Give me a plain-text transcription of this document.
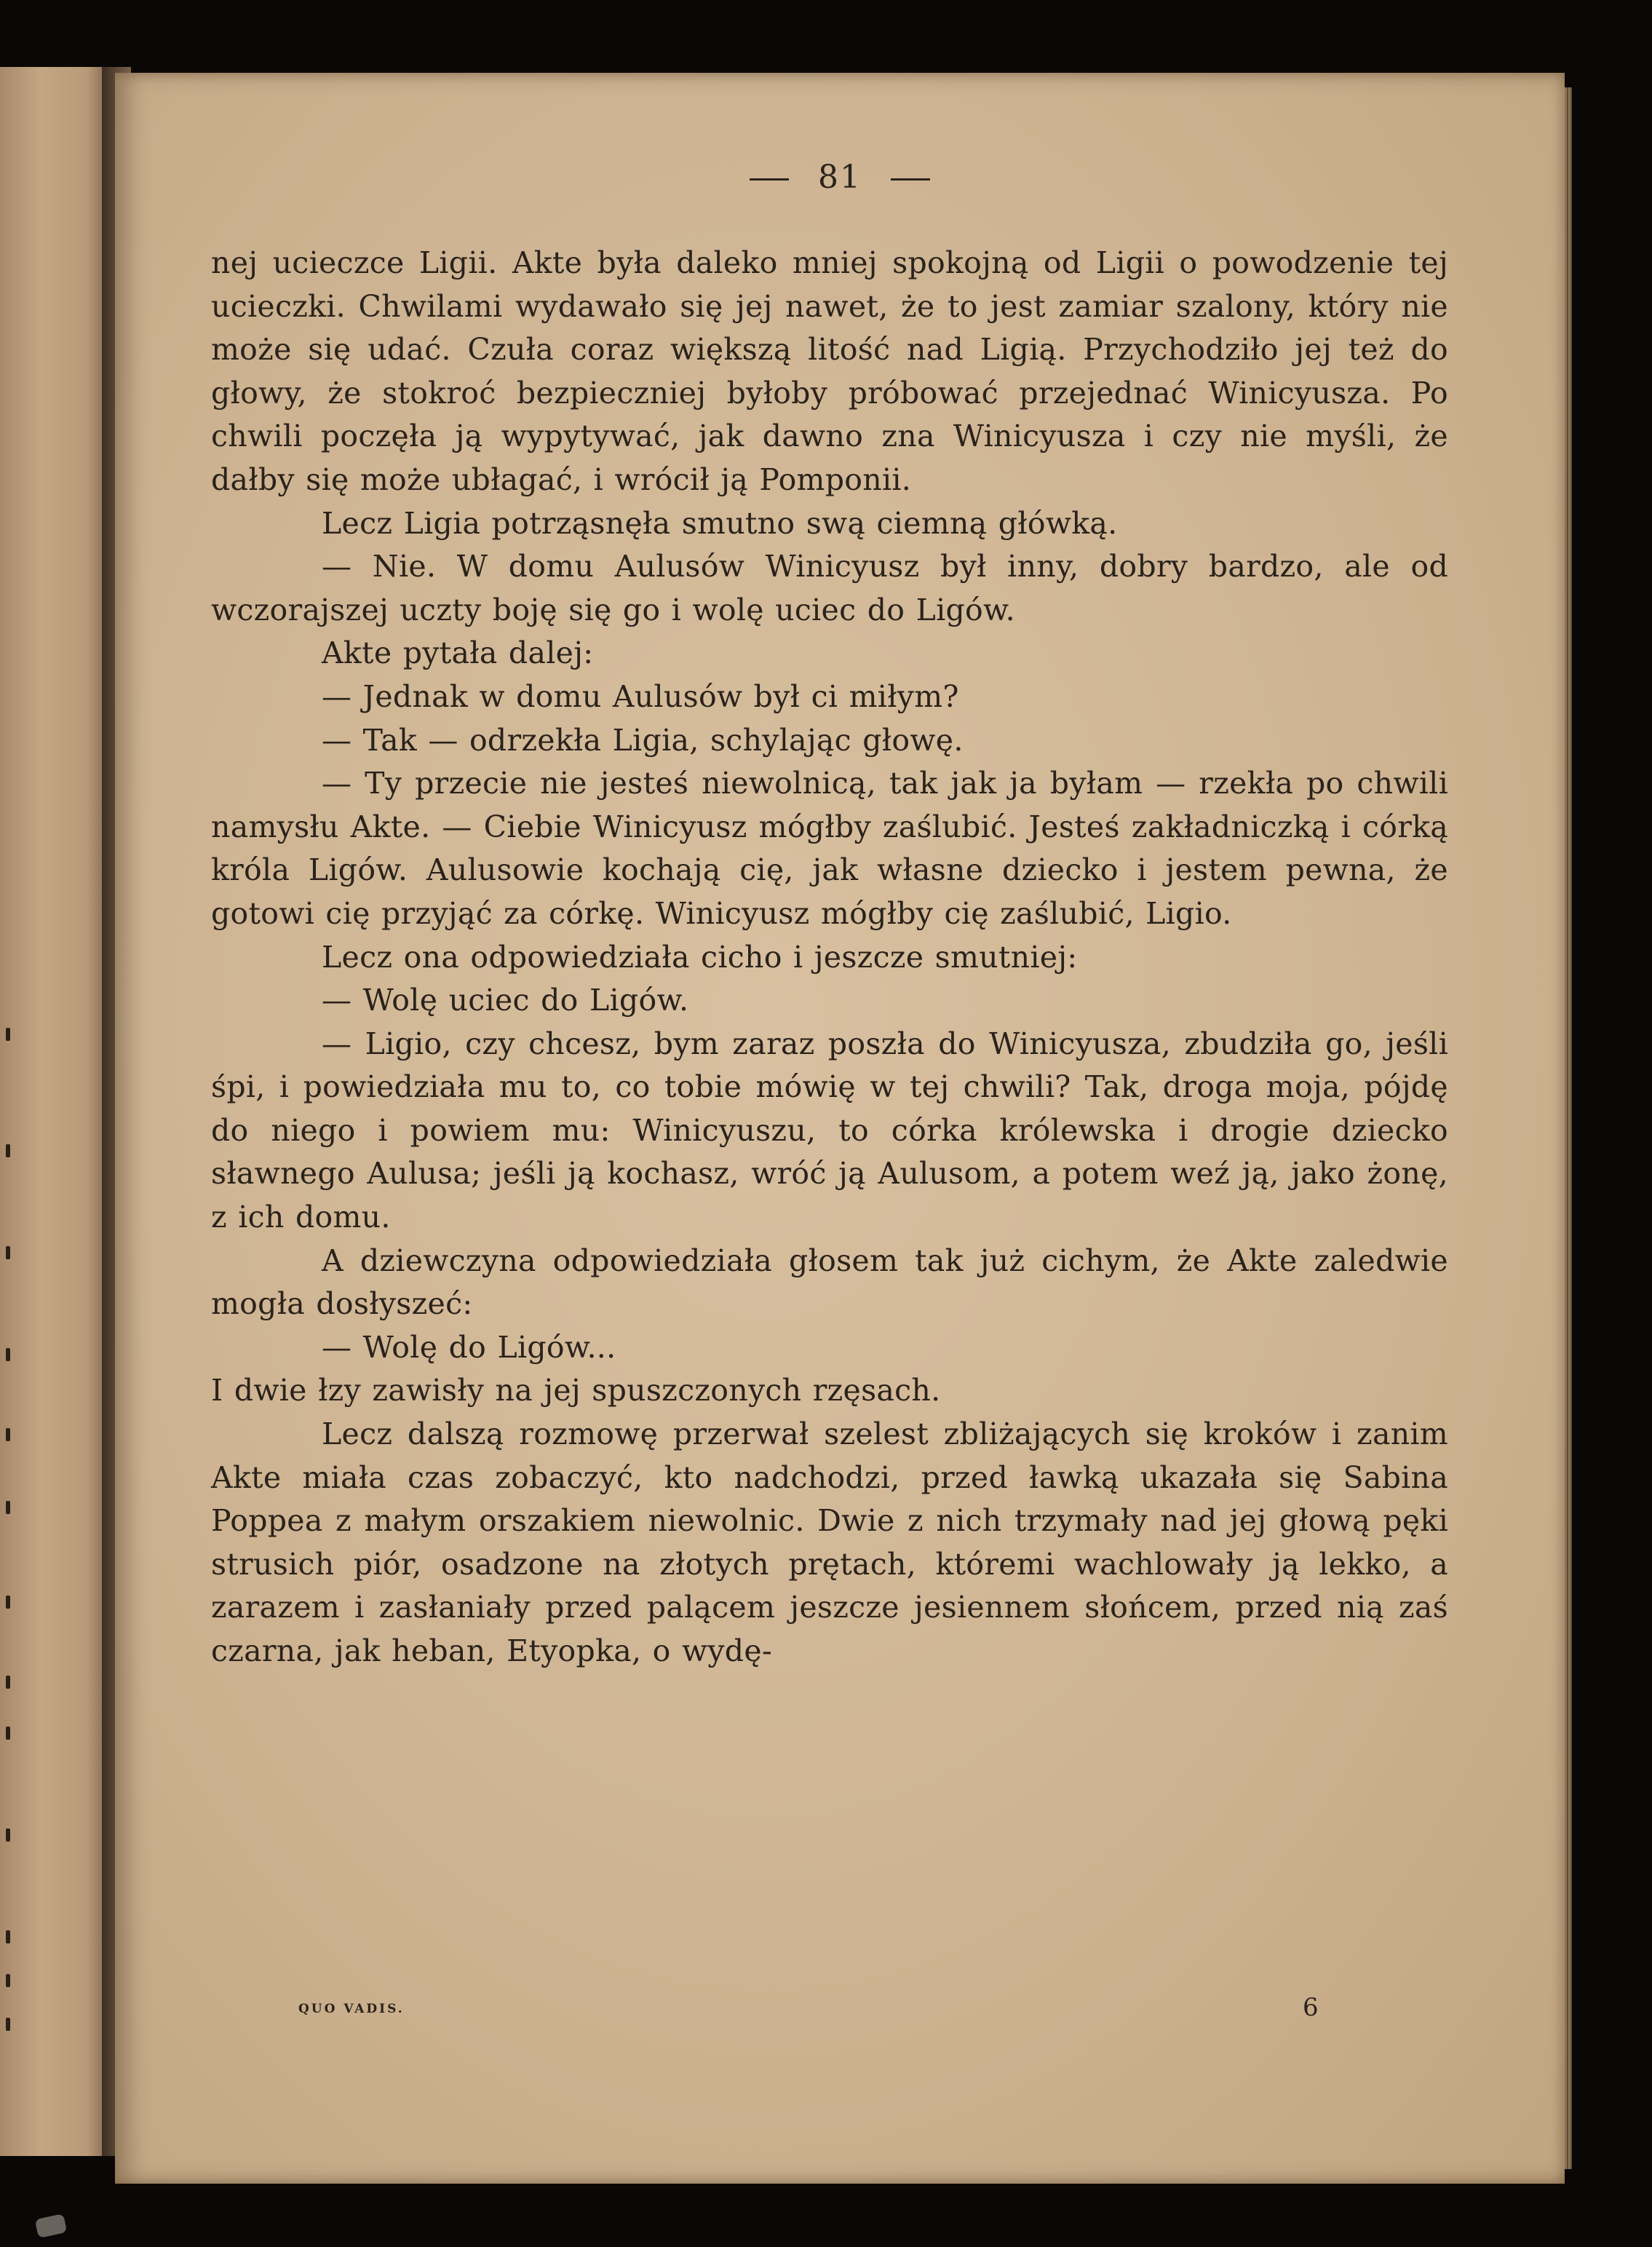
81

nej ucieczce Ligii. Akte była daleko mniej spokojną od Ligii o powodzenie tej ucieczki. Chwilami wydawało się jej nawet, że to jest zamiar szalony, który nie może się udać. Czuła coraz większą litość nad Ligią. Przychodziło jej też do głowy, że stokroć bezpieczniej byłoby próbować przejednać Winicyusza. Po chwili poczęła ją wypytywać, jak dawno zna Winicyusza i czy nie myśli, że dałby się może ubłagać, i wrócił ją Pomponii.

Lecz Ligia potrząsnęła smutno swą ciemną główką.

— Nie. W domu Aulusów Winicyusz był inny, dobry bardzo, ale od wczorajszej uczty boję się go i wolę uciec do Ligów.

Akte pytała dalej:

— Jednak w domu Aulusów był ci miłym?

— Tak — odrzekła Ligia, schylając głowę.

— Ty przecie nie jesteś niewolnicą, tak jak ja byłam — rzekła po chwili namysłu Akte. — Ciebie Winicyusz mógłby zaślubić. Jesteś zakładniczką i córką króla Ligów. Aulusowie kochają cię, jak własne dziecko i jestem pewna, że gotowi cię przyjąć za córkę. Winicyusz mógłby cię zaślubić, Ligio.

Lecz ona odpowiedziała cicho i jeszcze smutniej:

— Wolę uciec do Ligów.

— Ligio, czy chcesz, bym zaraz poszła do Winicyusza, zbudziła go, jeśli śpi, i powiedziała mu to, co tobie mówię w tej chwili? Tak, droga moja, pójdę do niego i powiem mu: Winicyuszu, to córka królewska i drogie dziecko sławnego Aulusa; jeśli ją kochasz, wróć ją Aulusom, a potem weź ją, jako żonę, z ich domu.

A dziewczyna odpowiedziała głosem tak już cichym, że Akte zaledwie mogła dosłyszeć:

— Wolę do Ligów...

I dwie łzy zawisły na jej spuszczonych rzęsach.

Lecz dalszą rozmowę przerwał szelest zbliżających się kroków i zanim Akte miała czas zobaczyć, kto nadchodzi, przed ławką ukazała się Sabina Poppea z małym orszakiem niewolnic. Dwie z nich trzymały nad jej głową pęki strusich piór, osadzone na złotych prętach, któremi wachlowały ją lekko, a zarazem i zasłaniały przed palącem jeszcze jesiennem słońcem, przed nią zaś czarna, jak heban, Etyopka, o wydę-

QUO VADIS.	6
